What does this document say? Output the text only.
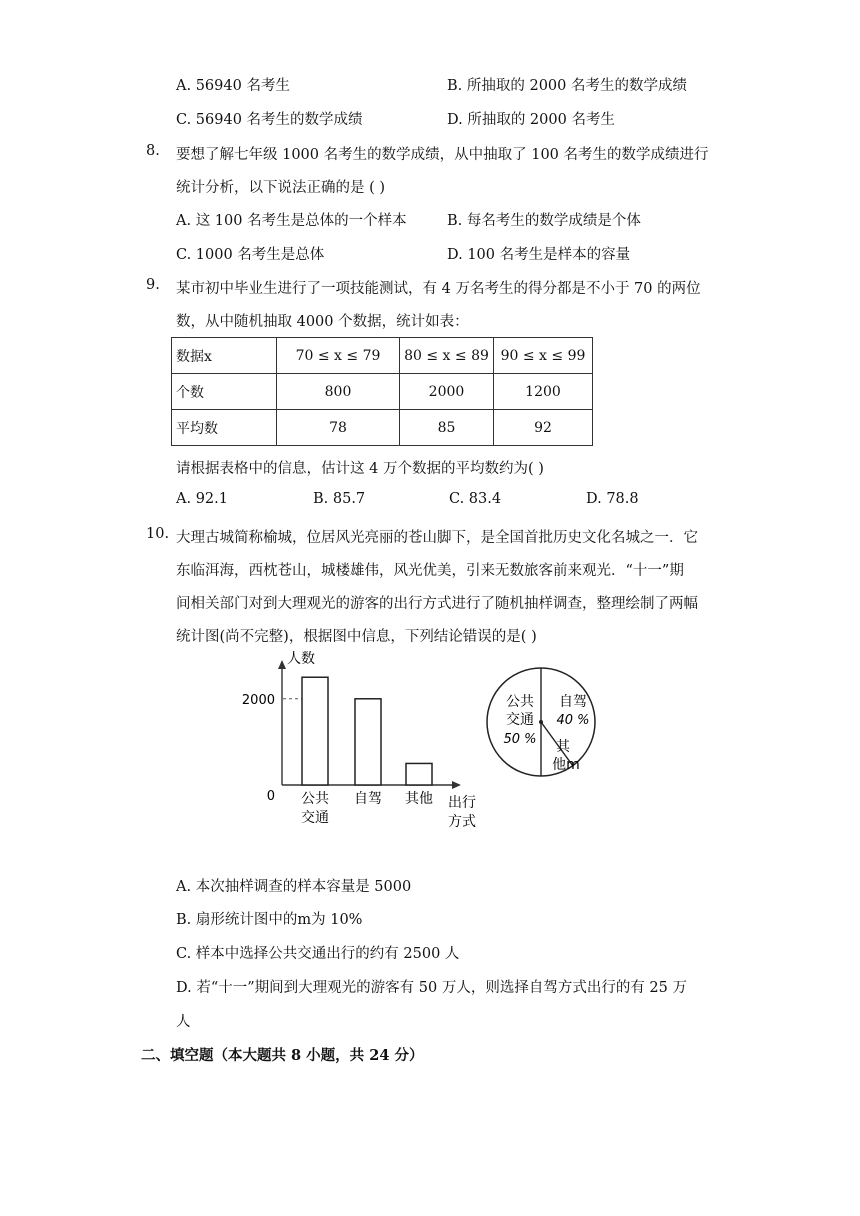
A. 56940 名考生	B. 所抽取的 2000 名考生的数学成绩
C. 56940 名考生的数学成绩	D. 所抽取的 2000 名考生
8. 要想了解七年级 1000 名考生的数学成绩，从中抽取了 100 名考生的数学成绩进行
统计分析，以下说法正确的是 ( )
A. 这 100 名考生是总体的一个样本	B. 每名考生的数学成绩是个体
C. 1000 名考生是总体	D. 100 名考生是样本的容量
9. 某市初中毕业生进行了一项技能测试，有 4 万名考生的得分都是不小于 70 的两位
数，从中随机抽取 4000 个数据，统计如表：
数据x	70 ≤ x ≤ 79	80 ≤ x ≤ 89	90 ≤ x ≤ 99
个数	800	2000	1200
平均数	78	85	92
请根据表格中的信息，估计这 4 万个数据的平均数约为( )
A. 92.1	B. 85.7	C. 83.4	D. 78.8
10. 大理古城简称榆城，位居风光亮丽的苍山脚下，是全国首批历史文化名城之一．它
东临洱海，西枕苍山，城楼雄伟，风光优美，引来无数旅客前来观光．“十一”期
间相关部门对到大理观光的游客的出行方式进行了随机抽样调查，整理绘制了两幅
统计图(尚不完整)，根据图中信息，下列结论错误的是( )
人数
0
2000
出行
方式
公共
交通
自驾 其他
公共
交通
50 %
自驾
40 %
其
他m
A. 本次抽样调查的样本容量是 5000
B. 扇形统计图中的m为 10%
C. 样本中选择公共交通出行的约有 2500 人
D. 若“十一”期间到大理观光的游客有 50 万人，则选择自驾方式出行的有 25 万
人
二、填空题（本大题共 8 小题，共 24 分）
